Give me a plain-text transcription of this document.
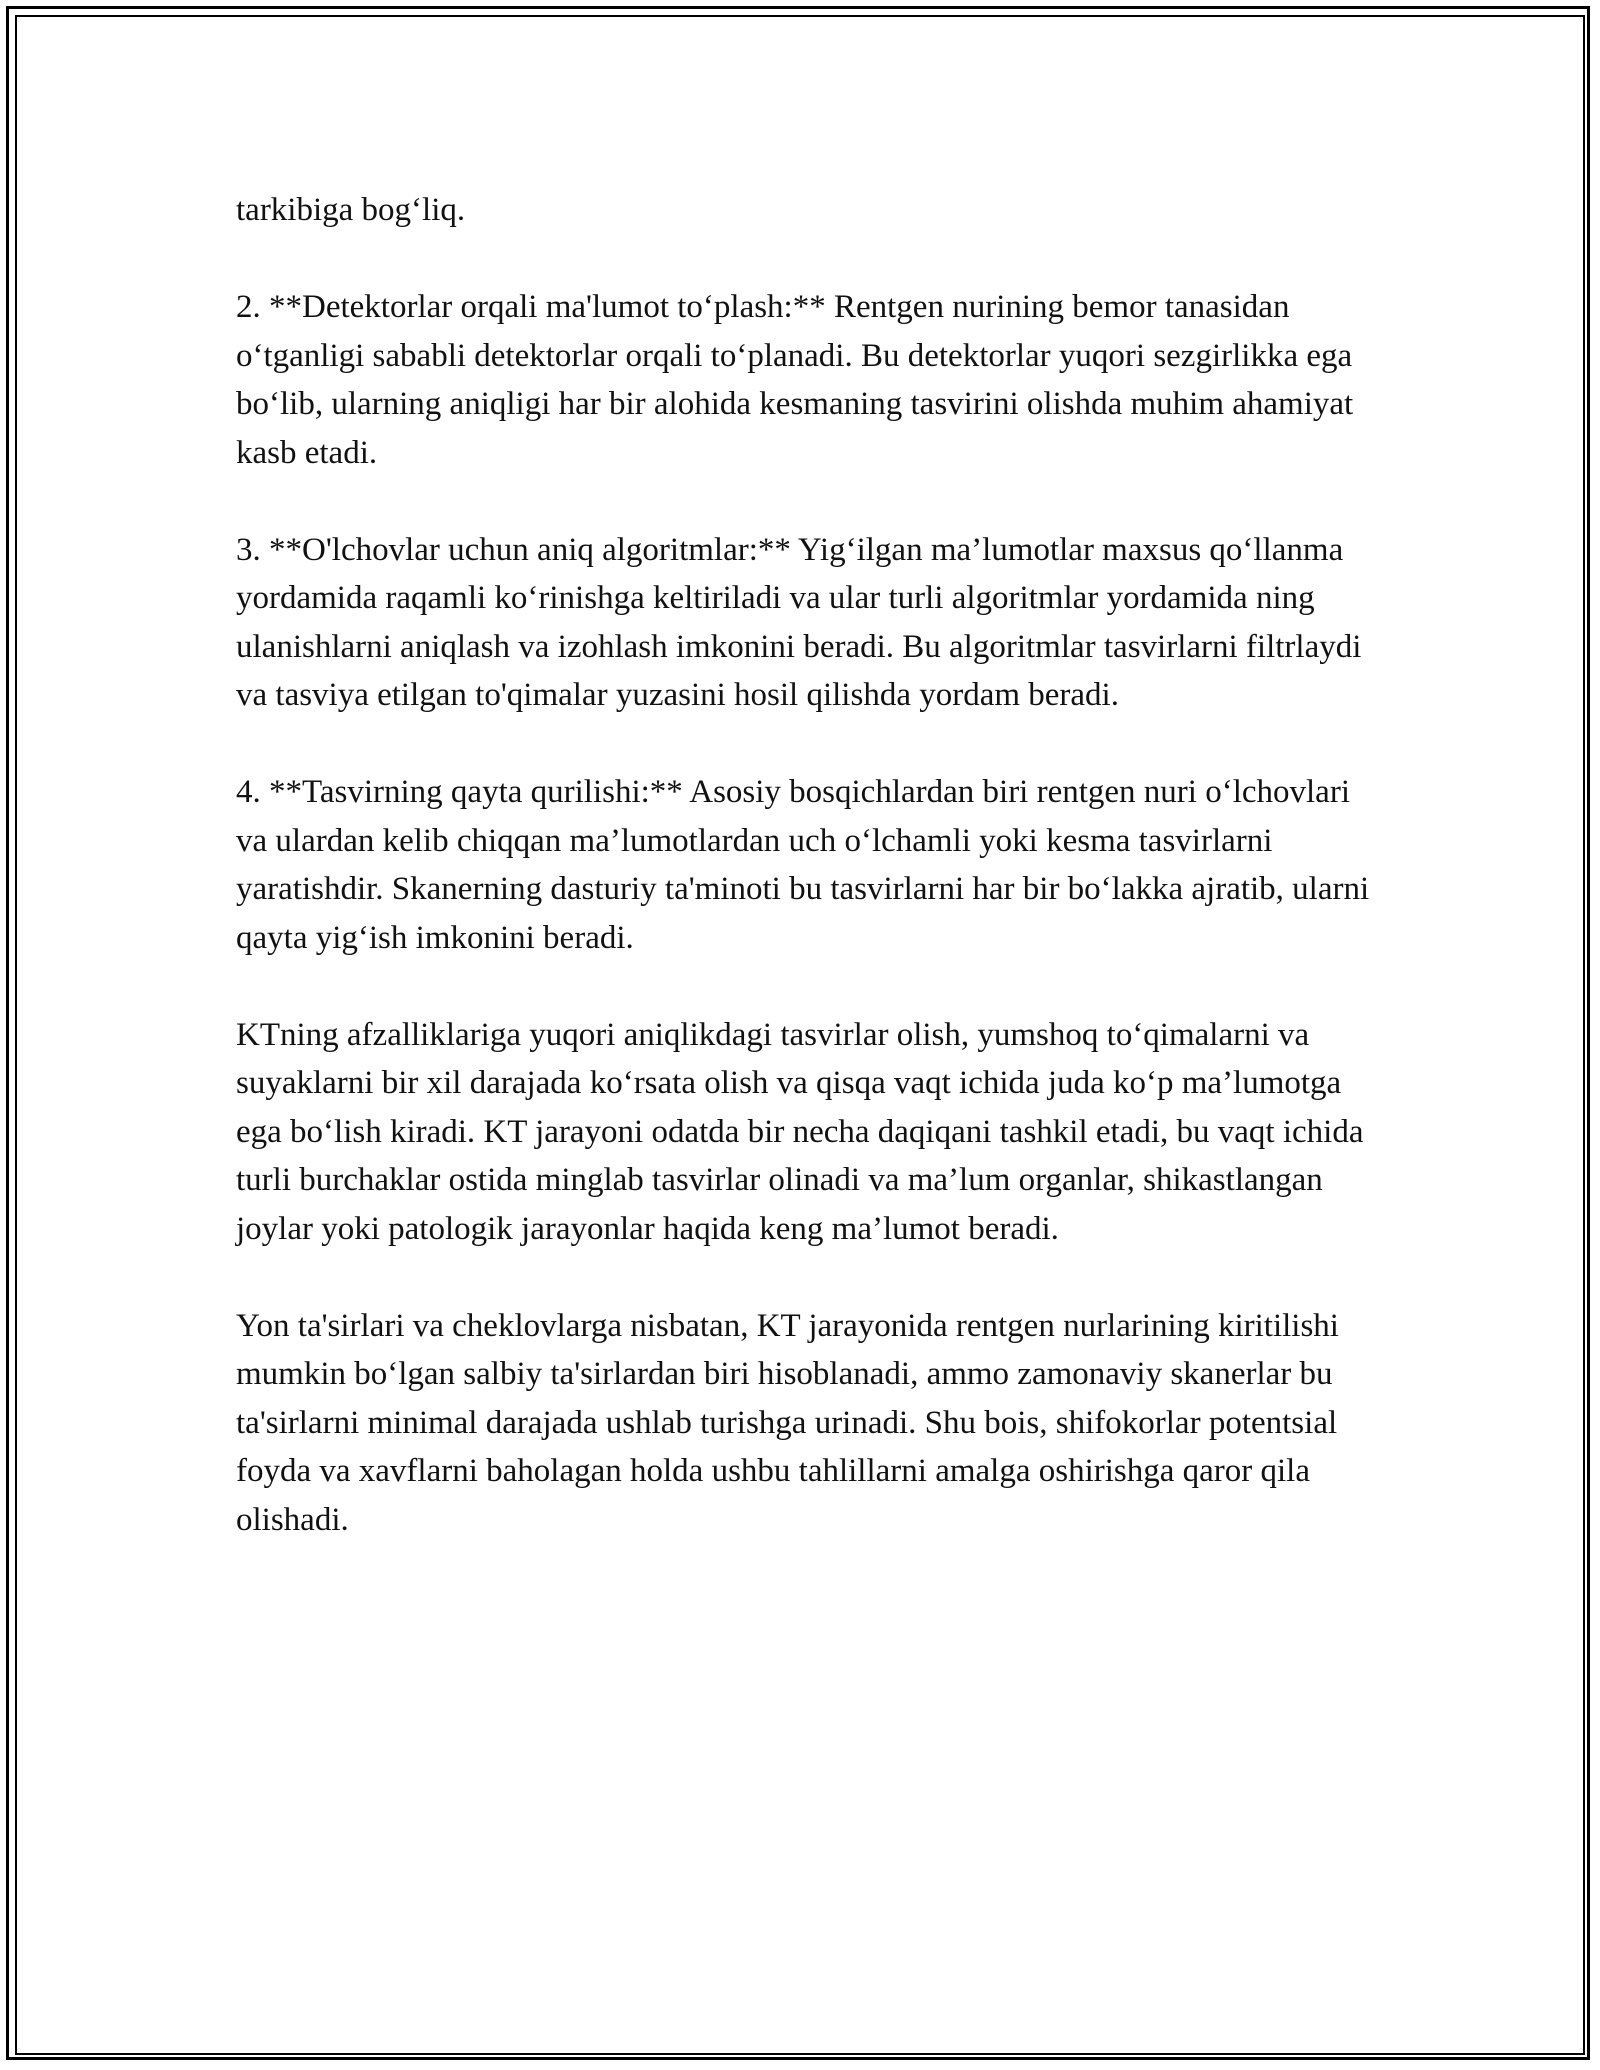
tarkibiga bog‘liq.

2. **Detektorlar orqali ma'lumot to‘plash:** Rentgen nurining bemor tanasidan o‘tganligi sababli detektorlar orqali to‘planadi. Bu detektorlar yuqori sezgirlikka ega bo‘lib, ularning aniqligi har bir alohida kesmaning tasvirini olishda muhim ahamiyat kasb etadi.

3. **O'lchovlar uchun aniq algoritmlar:** Yig‘ilgan ma’lumotlar maxsus qo‘llanma yordamida raqamli ko‘rinishga keltiriladi va ular turli algoritmlar yordamida ning ulanishlarni aniqlash va izohlash imkonini beradi. Bu algoritmlar tasvirlarni filtrlaydi va tasviya etilgan to'qimalar yuzasini hosil qilishda yordam beradi.

4. **Tasvirning qayta qurilishi:** Asosiy bosqichlardan biri rentgen nuri o‘lchovlari va ulardan kelib chiqqan ma’lumotlardan uch o‘lchamli yoki kesma tasvirlarni yaratishdir. Skanerning dasturiy ta'minoti bu tasvirlarni har bir bo‘lakka ajratib, ularni qayta yig‘ish imkonini beradi.

KTning afzalliklariga yuqori aniqlikdagi tasvirlar olish, yumshoq to‘qimalarni va suyaklarni bir xil darajada ko‘rsata olish va qisqa vaqt ichida juda ko‘p ma’lumotga ega bo‘lish kiradi. KT jarayoni odatda bir necha daqiqani tashkil etadi, bu vaqt ichida turli burchaklar ostida minglab tasvirlar olinadi va ma’lum organlar, shikastlangan joylar yoki patologik jarayonlar haqida keng ma’lumot beradi.

Yon ta'sirlari va cheklovlarga nisbatan, KT jarayonida rentgen nurlarining kiritilishi mumkin bo‘lgan salbiy ta'sirlardan biri hisoblanadi, ammo zamonaviy skanerlar bu ta'sirlarni minimal darajada ushlab turishga urinadi. Shu bois, shifokorlar potentsial foyda va xavflarni baholagan holda ushbu tahlillarni amalga oshirishga qaror qila olishadi.
